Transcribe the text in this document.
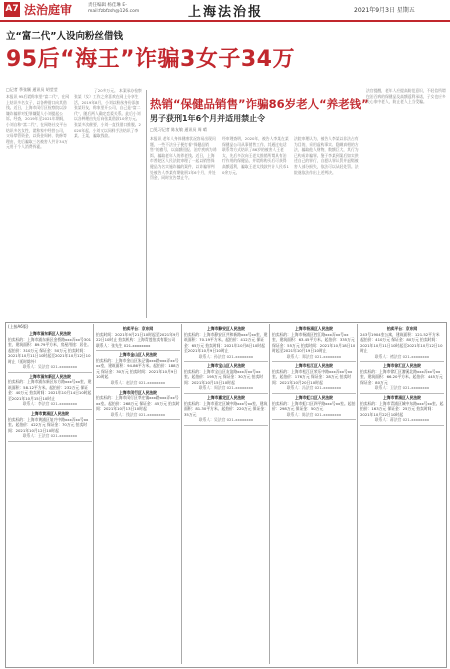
A7 法治庭审	责任编辑 杨佳琳 E-mail:fzbfzsh@126.com	上海法治报	2021年9月3日 星期五
立“富二代”人设向粉丝借钱
95后“海王”诈骗3女子34万
□记者 季张颖 通讯员 胡莹莹
本报讯 95后谎称家里“富二代”，在网上结识多名女子，以各种借口向其借钱。近日，上海市闵行区检察院以涉嫌诈骗罪对犯罪嫌疑人小刘提起公诉。经查，2019年至2021年期间，小刘自称“富二代”，在网络社交平台结识多名女性，谎称家中经营公司，父母掌管资金，以资金周转、装修等理由，先后骗取三名被害人共计34万元用于个人消费挥霍。
张某（女）工作之余喜欢在网上分享生活，2019年8月，小刘以粉丝身份添加张某好友，称家里开公司，自己是“富二代”，随后两人确定恋爱关系。此后小刘以各种理由先后向张某借款10余万元。张某多次催要，小刘一直找借口推脱。2020年起，小刘又以同样手法结识了李某、王某，骗取钱款。
热销“保健品销售”诈骗86岁老人“养老钱”
男子获刑1年6个月并适用禁止令
□见习记者 陈友敏 通讯员 周 晴
本报讯 老年人身体健康状况容易出现问题，一些不法分子便打着“保健品销售”的旗号，以高额回报、治疗疾病为诱饵，骗取老年人的养老钱。近日，上海市普陀区人民法院审理了一起以销售保健品为名实施诈骗的案件，以诈骗罪判处被告人李某有期徒刑1年6个月，并处罚金，同时宣告禁止令。
经审理查明，2020年，被告人李某在某保健品公司从事销售工作，其通过电话联系等方式结识了86岁的被害人王老太，先后多次向王老太推销所谓具有治疗作用的保健品，并谎称购买后可获得高额返利，骗取王老太钱款共计人民币10余万元。
法院审理认为，被告人李某以非法占有为目的，采用虚构事实、隐瞒真相的方法，骗取他人财物，数额巨大，其行为已构成诈骗罪。鉴于李某到案后如实供述自己的罪行，自愿认罪认罚并退赔被害人部分损失，依法可以从轻处罚。法院遂依法作出上述判决。
法官提醒，老年人应提高防范意识，不轻信所谓包治百病的保健品及高额返利承诺，子女也应多关心家中老人，防止老人上当受骗。
了20多万元。 本案承办检察
(上接A6版)
上海市浦东新区人民法院
拍卖标的：上海市浦东新区金桥路xxx弄xx号301室，建筑面积：89.79平方米，房屋用途：居住。起拍价：310万元 保证金：50万元 拍卖时间：2021年10月11日10时起至2021年10月12日10时止（延时除外）
联系人：吴法官 021-xxxxxxxx
上海市浦东新区人民法院
拍卖标的：上海市浦东新区东方路xxx号xx室，建筑面积：58.12平方米。起拍价：232万元 保证金：40万元 拍卖时间：2021年10月14日10时起至2021年10月15日10时止
联系人：李法官 021-xxxxxxxx
上海市黄浦区人民法院
拍卖标的：上海市黄浦区复兴中路xxx弄xx号xx室。起拍价：422万元 保证金：70万元 拍卖时间：2021年10月12日10时起
联系人：王法官 021-xxxxxxxx
拍卖平台：京东网
拍卖时间：2021年9月21日10时起至2021年9月22日10时止 拍卖机构：上海青莲拍卖有限公司 联系人：张先生 021-xxxxxxxx
上海市金山区人民法院
拍卖标的：上海市金山区朱泾镇xxx路xxx弄xx号xx室，建筑面积：94.86平方米。起拍价：188万元 保证金：30万元 拍卖时间：2021年10月9日10时起
联系人：赵法官 021-xxxxxxxx
上海市闵行区人民法院
拍卖标的：上海市闵行区莘庄镇xxx路xxx弄xx号xx室。起拍价：268万元 保证金：45万元 拍卖时间：2021年10月13日10时起
联系人：钱法官 021-xxxxxxxx
上海市静安区人民法院
拍卖标的：上海市静安区共和新路xxx号xx室，建筑面积：70.19平方米。起拍价：412万元 保证金：65万元 拍卖时间：2021年10月8日10时起至2021年10月9日10时止
联系人：孙法官 021-xxxxxxxx
上海市宝山区人民法院
拍卖标的：上海市宝山区友谊路xxx弄xx号xx室。起拍价：195万元 保证金：30万元 拍卖时间：2021年10月15日10时起
联系人：周法官 021-xxxxxxxx
上海市嘉定区人民法院
拍卖标的：上海市嘉定区城中路xxx号xx室，建筑面积：81.30平方米。起拍价：220万元 保证金：35万元
联系人：吴法官 021-xxxxxxxx
上海市杨浦区人民法院
拍卖标的：上海市杨浦区控江路xxx弄xx号xx室，建筑面积：63.45平方米。起拍价：335万元 保证金：55万元 拍卖时间：2021年10月18日10时起至2021年10月19日10时止
联系人：郑法官 021-xxxxxxxx
上海市松江区人民法院
拍卖标的：上海市松江区荣乐中路xxx弄xx号xx室。起拍价：176万元 保证金：28万元 拍卖时间：2021年10月20日10时起
联系人：冯法官 021-xxxxxxxx
上海市虹口区人民法院
拍卖标的：上海市虹口区四平路xxx号xx室。起拍价：298万元 保证金：50万元
联系人：陈法官 021-xxxxxxxx
拍卖平台：京东网
243号1904室公寓，建筑面积：121.52平方米 起拍价：410万元 保证金：80万元 拍卖时间：2021年10月11日10时起至2021年10月12日10时止
联系人：褚法官 021-xxxxxxxx
上海市徐汇区人民法院
拍卖标的：上海市徐汇区漕溪北路xxx弄xx号xx室，建筑面积：66.20平方米。起拍价：445万元 保证金：80万元
联系人：卫法官 021-xxxxxxxx
上海市青浦区人民法院
拍卖标的：上海市青浦区城中东路xxx号xx室。起拍价：163万元 保证金：25万元 拍卖时间：2021年10月22日10时起
联系人：蒋法官 021-xxxxxxxx
